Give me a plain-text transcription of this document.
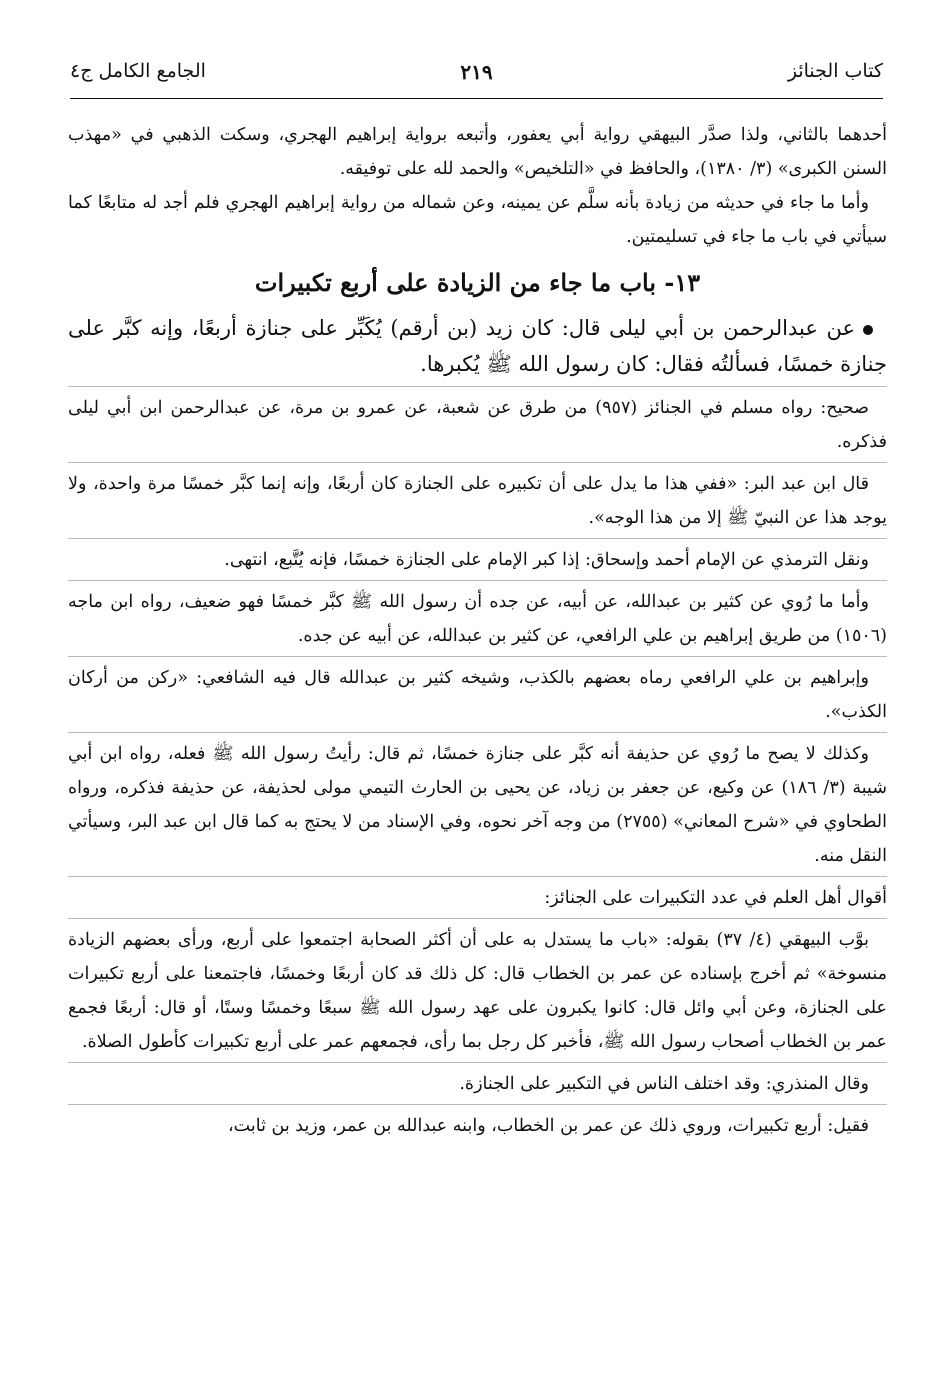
كتاب الجنائز
٢١٩
الجامع الكامل ج٤

أحدهما بالثاني، ولذا صدَّر البيهقي رواية أبي يعفور، وأتبعه برواية إبراهيم الهجري، وسكت الذهبي في «مهذب السنن الكبرى» (٣/ ١٣٨٠)، والحافظ في «التلخيص» والحمد لله على توفيقه.

وأما ما جاء في حديثه من زيادة بأنه سلَّم عن يمينه، وعن شماله من رواية إبراهيم الهجري فلم أجد له متابعًا كما سيأتي في باب ما جاء في تسليمتين.

١٣- باب ما جاء من الزيادة على أربع تكبيرات

عن عبدالرحمن بن أبي ليلى قال: كان زيد (بن أرقم) يُكَبِّر على جنازة أربعًا، وإنه كبَّر على جنازة خمسًا، فسألتُه فقال: كان رسول الله ﷺ يُكبرها.

صحيح: رواه مسلم في الجنائز (٩٥٧) من طرق عن شعبة، عن عمرو بن مرة، عن عبدالرحمن ابن أبي ليلى فذكره.

قال ابن عبد البر: «ففي هذا ما يدل على أن تكبيره على الجنازة كان أربعًا، وإنه إنما كبَّر خمسًا مرة واحدة، ولا يوجد هذا عن النبيّ ﷺ إلا من هذا الوجه».

ونقل الترمذي عن الإمام أحمد وإسحاق: إذا كبر الإمام على الجنازة خمسًا، فإنه يُتَّبع، انتهى.

وأما ما رُوي عن كثير بن عبدالله، عن أبيه، عن جده أن رسول الله ﷺ كبَّر خمسًا فهو ضعيف، رواه ابن ماجه (١٥٠٦) من طريق إبراهيم بن علي الرافعي، عن كثير بن عبدالله، عن أبيه عن جده.

وإبراهيم بن علي الرافعي رماه بعضهم بالكذب، وشيخه كثير بن عبدالله قال فيه الشافعي: «ركن من أركان الكذب».

وكذلك لا يصح ما رُوي عن حذيفة أنه كبَّر على جنازة خمسًا، ثم قال: رأيتُ رسول الله ﷺ فعله، رواه ابن أبي شيبة (٣/ ١٨٦) عن وكيع، عن جعفر بن زياد، عن يحيى بن الحارث التيمي مولى لحذيفة، عن حذيفة فذكره، ورواه الطحاوي في «شرح المعاني» (٢٧٥٥) من وجه آخر نحوه، وفي الإسناد من لا يحتج به كما قال ابن عبد البر، وسيأتي النقل منه.

أقوال أهل العلم في عدد التكبيرات على الجنائز:

بوَّب البيهقي (٤/ ٣٧) بقوله: «باب ما يستدل به على أن أكثر الصحابة اجتمعوا على أربع، ورأى بعضهم الزيادة منسوخة» ثم أخرج بإسناده عن عمر بن الخطاب قال: كل ذلك قد كان أربعًا وخمسًا، فاجتمعنا على أربع تكبيرات على الجنازة، وعن أبي وائل قال: كانوا يكبرون على عهد رسول الله ﷺ سبعًا وخمسًا وستًا، أو قال: أربعًا فجمع عمر بن الخطاب أصحاب رسول الله ﷺ، فأخبر كل رجل بما رأى، فجمعهم عمر على أربع تكبيرات كأطول الصلاة.

وقال المنذري: وقد اختلف الناس في التكبير على الجنازة.

فقيل: أربع تكبيرات، وروي ذلك عن عمر بن الخطاب، وابنه عبدالله بن عمر، وزيد بن ثابت،
